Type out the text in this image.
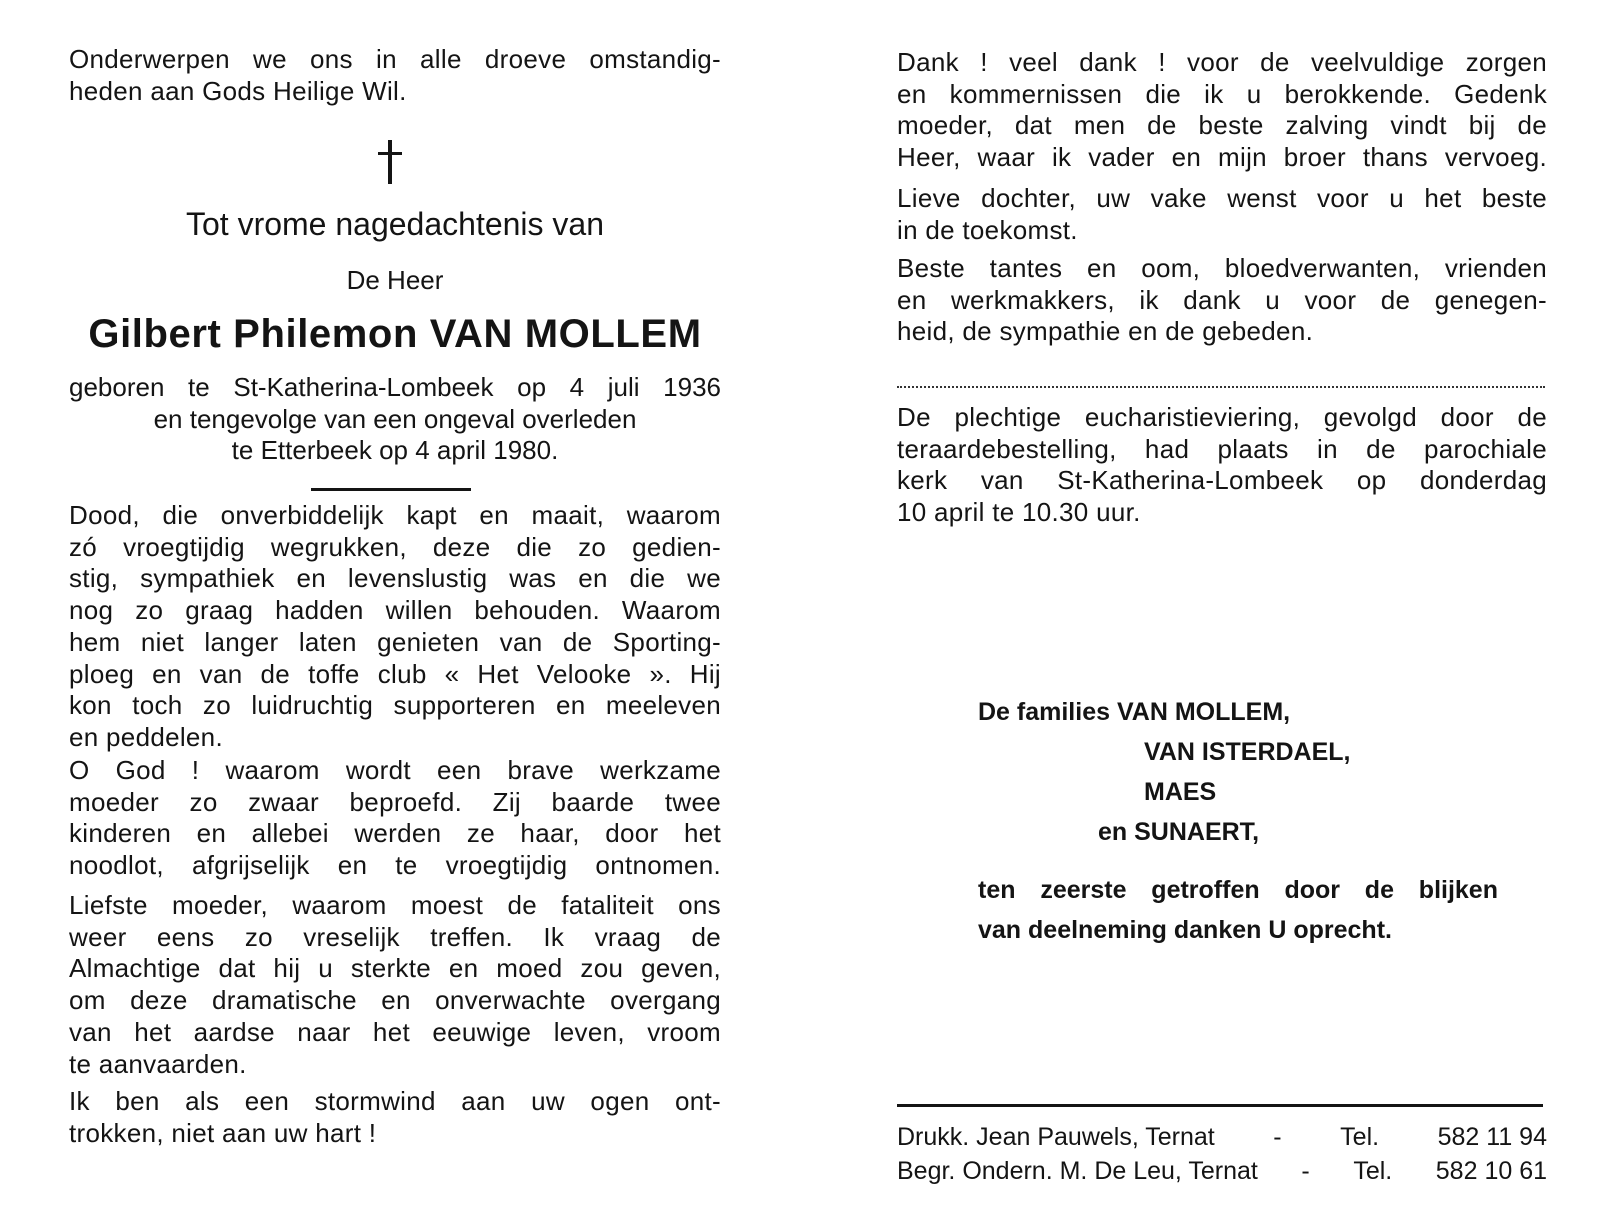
Onderwerpen we ons in alle droeve omstandig-
heden aan Gods Heilige Wil.
Tot vrome nagedachtenis van
De Heer
Gilbert Philemon VAN MOLLEM
geboren te St-Katherina-Lombeek op 4 juli 1936
en tengevolge van een ongeval overleden
te Etterbeek op 4 april 1980.
Dood, die onverbiddelijk kapt en maait, waarom
zó vroegtijdig wegrukken, deze die zo gedien-
stig, sympathiek en levenslustig was en die we
nog zo graag hadden willen behouden. Waarom
hem niet langer laten genieten van de Sporting-
ploeg en van de toffe club « Het Velooke ». Hij
kon toch zo luidruchtig supporteren en meeleven
en peddelen.
O God ! waarom wordt een brave werkzame
moeder zo zwaar beproefd. Zij baarde twee
kinderen en allebei werden ze haar, door het
noodlot, afgrijselijk en te vroegtijdig ontnomen.
Liefste moeder, waarom moest de fataliteit ons
weer eens zo vreselijk treffen. Ik vraag de
Almachtige dat hij u sterkte en moed zou geven,
om deze dramatische en onverwachte overgang
van het aardse naar het eeuwige leven, vroom
te aanvaarden.
Ik ben als een stormwind aan uw ogen ont-
trokken, niet aan uw hart !
Dank ! veel dank ! voor de veelvuldige zorgen
en kommernissen die ik u berokkende. Gedenk
moeder, dat men de beste zalving vindt bij de
Heer, waar ik vader en mijn broer thans vervoeg.
Lieve dochter, uw vake wenst voor u het beste
in de toekomst.
Beste tantes en oom, bloedverwanten, vrienden
en werkmakkers, ik dank u voor de genegen-
heid, de sympathie en de gebeden.
De plechtige eucharistieviering, gevolgd door de
teraardebestelling, had plaats in de parochiale
kerk van St-Katherina-Lombeek op donderdag
10 april te 10.30 uur.
De families VAN MOLLEM,
VAN ISTERDAEL,
MAES
en SUNAERT,
ten zeerste getroffen door de blijken
van deelneming danken U oprecht.
Drukk. Jean Pauwels, Ternat - Tel. 582 11 94
Begr. Ondern. M. De Leu, Ternat - Tel. 582 10 61
